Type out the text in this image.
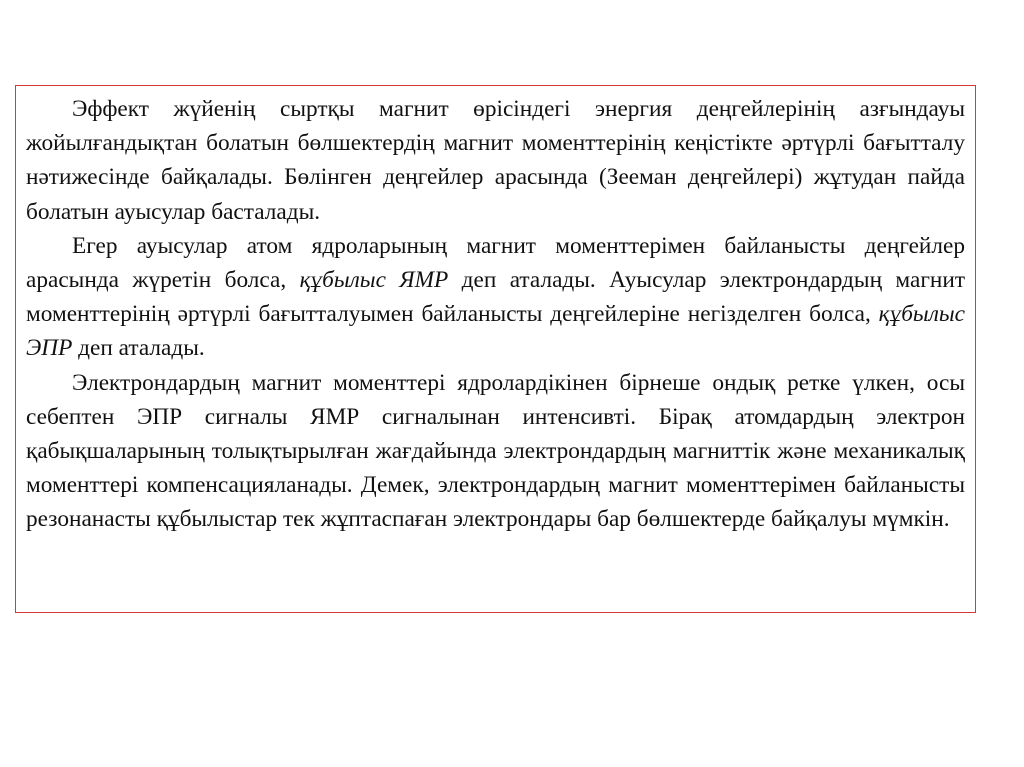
Эффект жүйенің сыртқы магнит өрісіндегі энергия деңгейлерінің азғындауы жойылғандықтан болатын бөлшектердің магнит моменттерінің кеңістікте әртүрлі бағытталу нәтижесінде байқалады. Бөлінген деңгейлер арасында (Зееман деңгейлері) жұтудан пайда болатын ауысулар басталады.

Егер ауысулар атом ядроларының магнит моменттерімен байланысты деңгейлер арасында жүретін болса, құбылыс ЯМР деп аталады. Ауысулар электрондардың магнит моменттерінің әртүрлі бағытталуымен байланысты деңгейлеріне негізделген болса, құбылыс ЭПР деп аталады.

Электрондардың магнит моменттері ядролардікінен бірнеше ондық ретке үлкен, осы себептен ЭПР сигналы ЯМР сигналынан интенсивті. Бірақ атомдардың электрон қабықшаларының толықтырылған жағдайында электрондардың магниттік және механикалық моменттері компенсацияланады. Демек, электрондардың магнит моменттерімен байланысты резонанасты құбылыстар тек жұптаспаған электрондары бар бөлшектерде байқалуы мүмкін.
